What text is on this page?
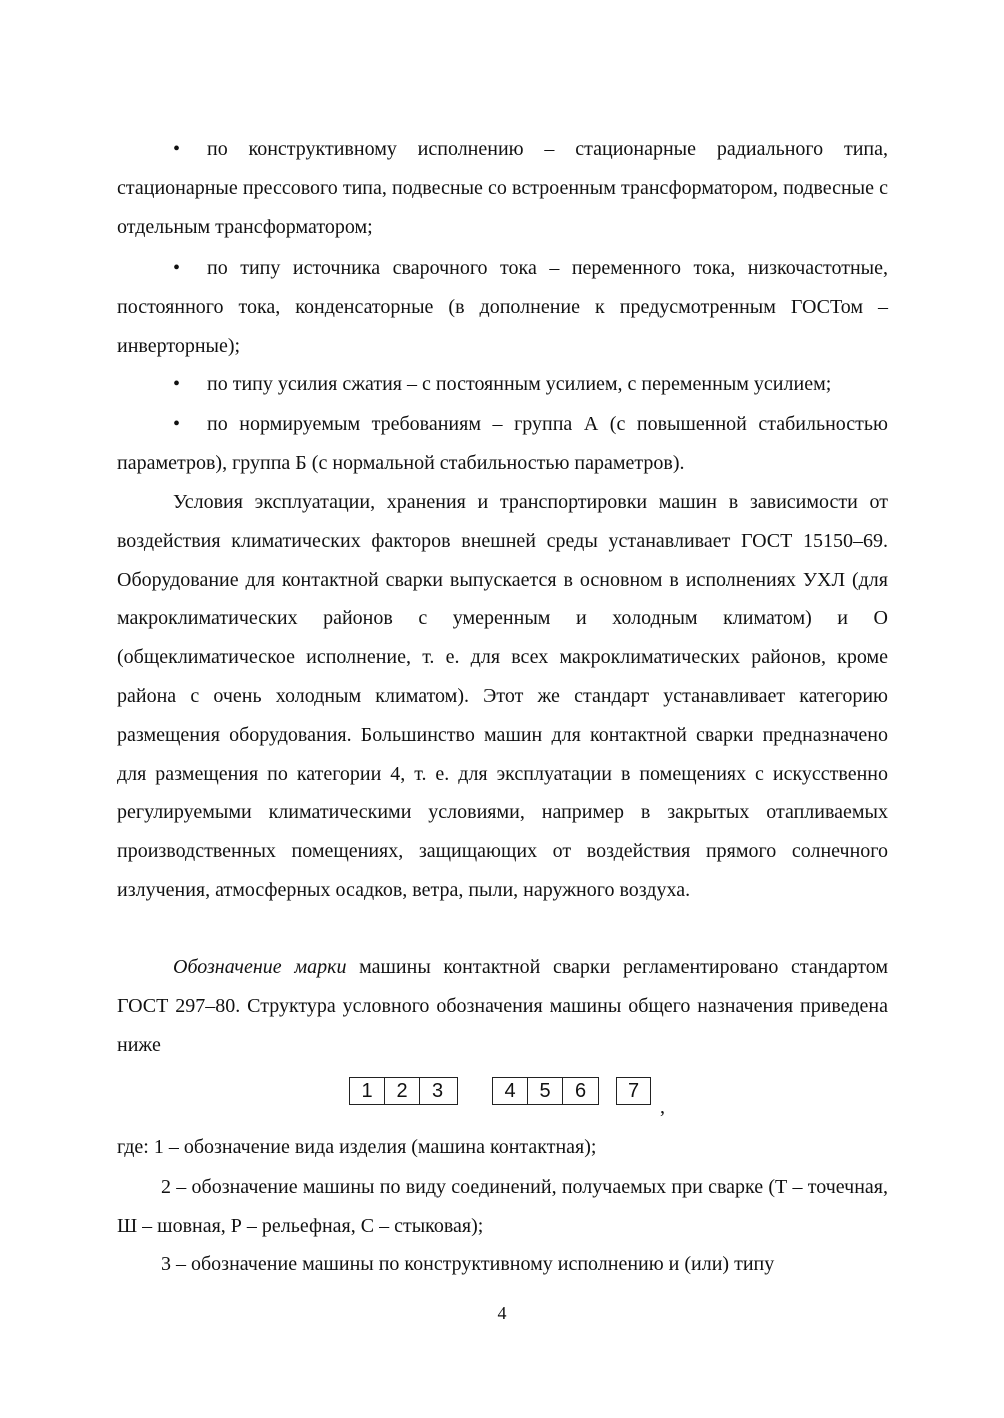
•	по конструктивному исполнению – стационарные радиального типа, стационарные прессового типа, подвесные со встроенным трансформатором, подвесные с отдельным трансформатором;

•	по типу источника сварочного тока – переменного тока, низкочастотные, постоянного тока, конденсаторные (в дополнение к предусмотренным ГОСТом – инверторные);

•	по типу усилия сжатия – с постоянным усилием, с переменным усилием;

•	по нормируемым требованиям – группа А (с повышенной стабильностью параметров), группа Б (с нормальной стабильностью параметров).

Условия эксплуатации, хранения и транспортировки машин в зависимости от воздействия климатических факторов внешней среды устанавливает ГОСТ 15150–69. Оборудование для контактной сварки выпускается в основном в исполнениях УХЛ (для макроклиматических районов с умеренным и холодным климатом) и О (общеклиматическое исполнение, т. е. для всех макроклиматических районов, кроме района с очень холодным климатом). Этот же стандарт устанавливает категорию размещения оборудования. Большинство машин для контактной сварки предназначено для размещения по категории 4, т. е. для эксплуатации в помещениях с искусственно регулируемыми климатическими условиями, например в закрытых отапливаемых производственных помещениях, защищающих от воздействия прямого солнечного излучения, атмосферных осадков, ветра, пыли, наружного воздуха.

Обозначение марки машины контактной сварки регламентировано стандартом ГОСТ 297–80. Структура условного обозначения машины общего назначения приведена ниже

1	2	3	4	5	6	7
,

где: 1 – обозначение вида изделия (машина контактная);

2 – обозначение машины по виду соединений, получаемых при сварке (Т – точечная, Ш – шовная, Р – рельефная, С – стыковая);

3 – обозначение машины по конструктивному исполнению и (или) типу

4
